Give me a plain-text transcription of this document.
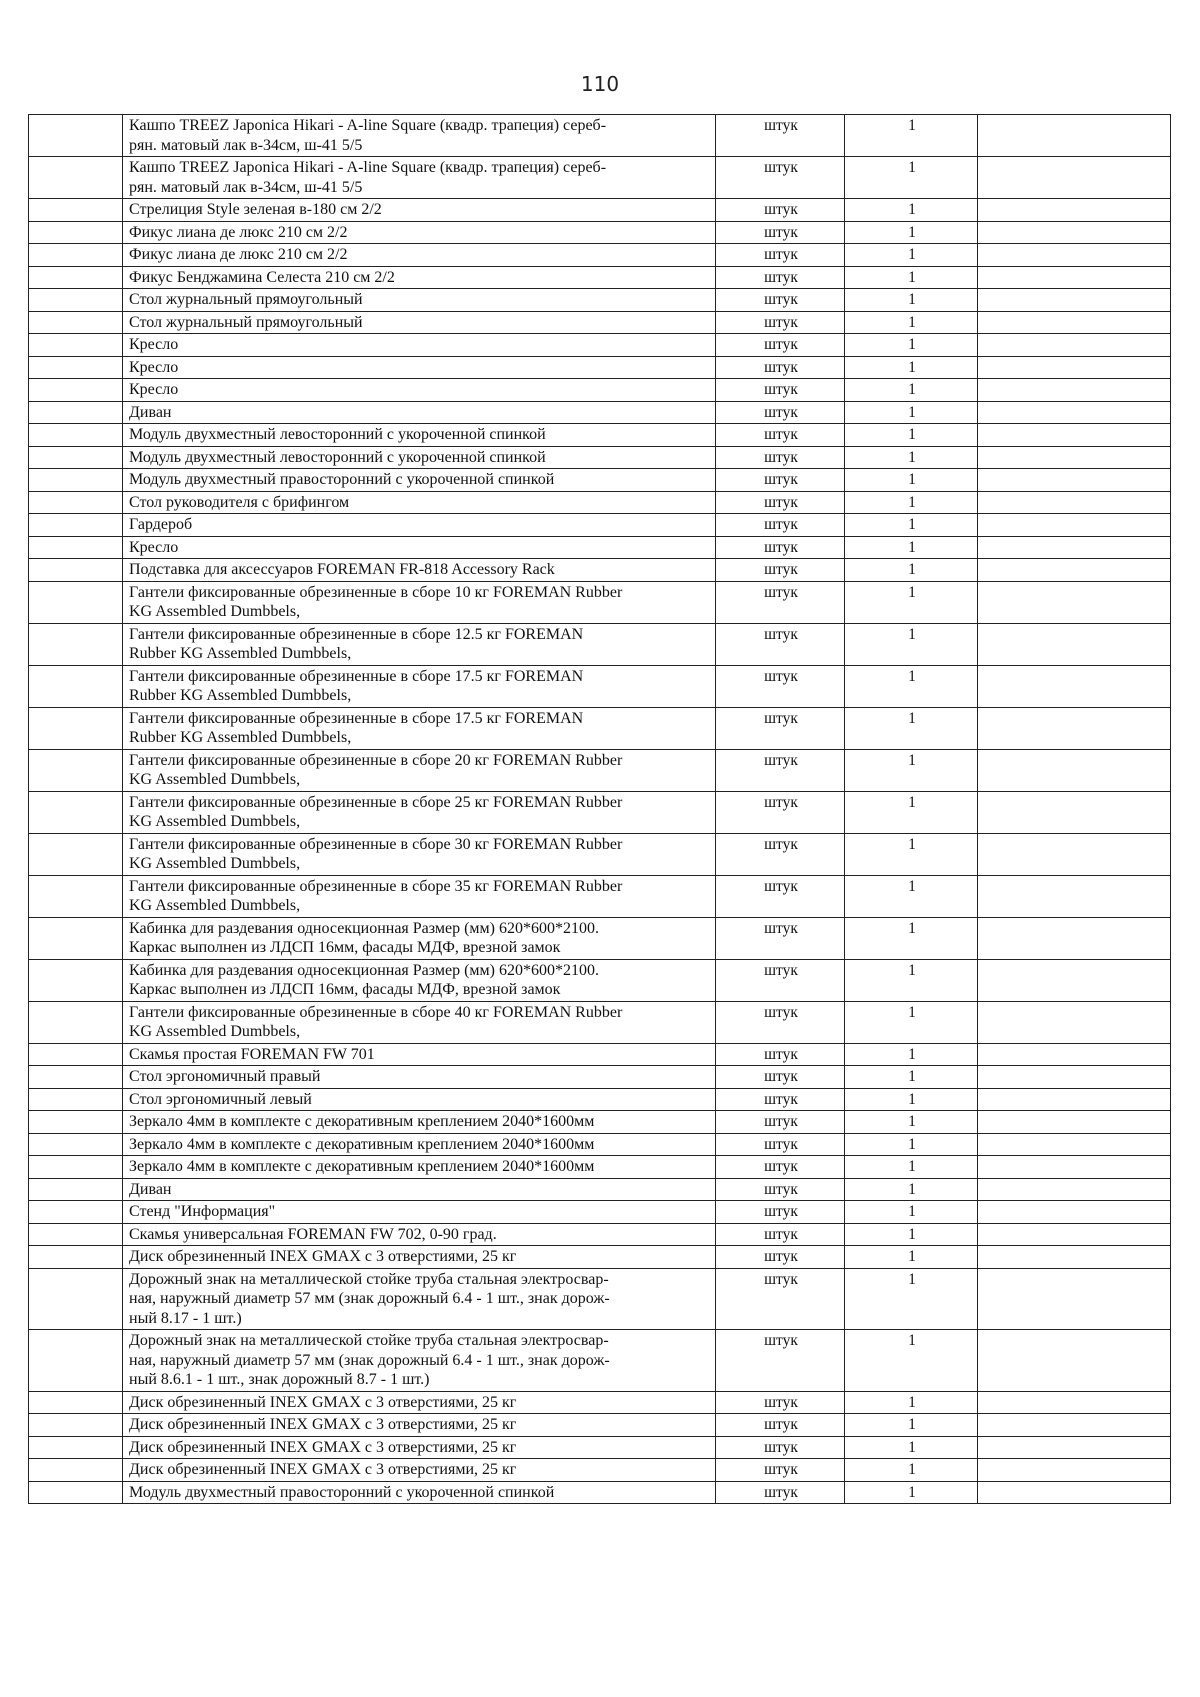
110
	Кашпо TREEZ Japonica Hikari - A-line Square (квадр. трапеция) сереб-
рян. матовый лак в-34см, ш-41 5/5	штук	1	
	Кашпо TREEZ Japonica Hikari - A-line Square (квадр. трапеция) сереб-
рян. матовый лак в-34см, ш-41 5/5	штук	1	
	Стрелиция Style зеленая в-180 см 2/2	штук	1	
	Фикус лиана де люкс 210 см 2/2	штук	1	
	Фикус лиана де люкс 210 см 2/2	штук	1	
	Фикус Бенджамина Селеста 210 см 2/2	штук	1	
	Стол журнальный прямоугольный	штук	1	
	Стол журнальный прямоугольный	штук	1	
	Кресло	штук	1	
	Кресло	штук	1	
	Кресло	штук	1	
	Диван	штук	1	
	Модуль двухместный левосторонний с укороченной спинкой	штук	1	
	Модуль двухместный левосторонний с укороченной спинкой	штук	1	
	Модуль двухместный правосторонний с укороченной спинкой	штук	1	
	Стол руководителя с брифингом	штук	1	
	Гардероб	штук	1	
	Кресло	штук	1	
	Подставка для аксессуаров FOREMAN FR-818 Accessory Rack	штук	1	
	Гантели фиксированные обрезиненные в сборе 10 кг FOREMAN Rubber
KG Assembled Dumbbels,	штук	1	
	Гантели фиксированные обрезиненные в сборе 12.5 кг FOREMAN
Rubber KG Assembled Dumbbels,	штук	1	
	Гантели фиксированные обрезиненные в сборе 17.5 кг FOREMAN
Rubber KG Assembled Dumbbels,	штук	1	
	Гантели фиксированные обрезиненные в сборе 17.5 кг FOREMAN
Rubber KG Assembled Dumbbels,	штук	1	
	Гантели фиксированные обрезиненные в сборе 20 кг FOREMAN Rubber
KG Assembled Dumbbels,	штук	1	
	Гантели фиксированные обрезиненные в сборе 25 кг FOREMAN Rubber
KG Assembled Dumbbels,	штук	1	
	Гантели фиксированные обрезиненные в сборе 30 кг FOREMAN Rubber
KG Assembled Dumbbels,	штук	1	
	Гантели фиксированные обрезиненные в сборе 35 кг FOREMAN Rubber
KG Assembled Dumbbels,	штук	1	
	Кабинка для раздевания односекционная Размер (мм) 620*600*2100.
Каркас выполнен из ЛДСП 16мм, фасады МДФ, врезной замок	штук	1	
	Кабинка для раздевания односекционная Размер (мм) 620*600*2100.
Каркас выполнен из ЛДСП 16мм, фасады МДФ, врезной замок	штук	1	
	Гантели фиксированные обрезиненные в сборе 40 кг FOREMAN Rubber
KG Assembled Dumbbels,	штук	1	
	Скамья простая FOREMAN FW 701	штук	1	
	Стол эргономичный правый	штук	1	
	Стол эргономичный левый	штук	1	
	Зеркало 4мм в комплекте с декоративным креплением 2040*1600мм	штук	1	
	Зеркало 4мм в комплекте с декоративным креплением 2040*1600мм	штук	1	
	Зеркало 4мм в комплекте с декоративным креплением 2040*1600мм	штук	1	
	Диван	штук	1	
	Стенд "Информация"	штук	1	
	Скамья универсальная FOREMAN FW 702, 0-90 град.	штук	1	
	Диск обрезиненный INEX GMAX с 3 отверстиями, 25 кг	штук	1	
	Дорожный знак на металлической стойке труба стальная электросвар-
ная, наружный диаметр 57 мм (знак дорожный 6.4 - 1 шт., знак дорож-
ный 8.17 - 1 шт.)	штук	1	
	Дорожный знак на металлической стойке труба стальная электросвар-
ная, наружный диаметр 57 мм (знак дорожный 6.4 - 1 шт., знак дорож-
ный 8.6.1 - 1 шт., знак дорожный 8.7 - 1 шт.)	штук	1	
	Диск обрезиненный INEX GMAX с 3 отверстиями, 25 кг	штук	1	
	Диск обрезиненный INEX GMAX с 3 отверстиями, 25 кг	штук	1	
	Диск обрезиненный INEX GMAX с 3 отверстиями, 25 кг	штук	1	
	Диск обрезиненный INEX GMAX с 3 отверстиями, 25 кг	штук	1	
	Модуль двухместный правосторонний с укороченной спинкой	штук	1	
